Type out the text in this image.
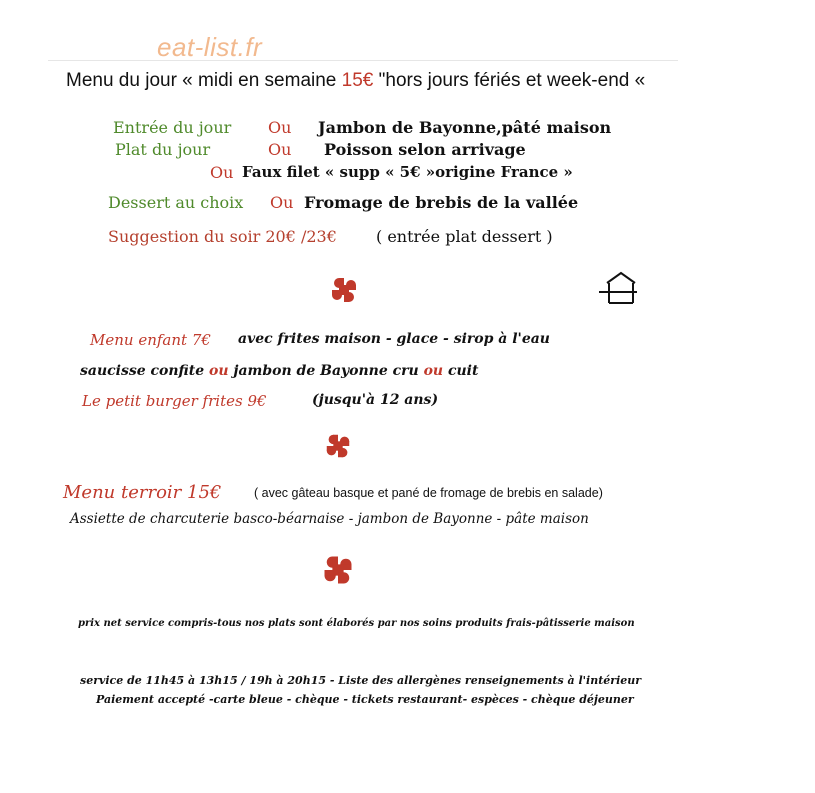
eat-list.fr
Menu du jour « midi en semaine 15€ "hors jours fériés et week-end «
Entrée du jour Ou Jambon de Bayonne,pâté maison
Plat du jour	Ou Poisson selon arrivage
Ou Faux filet « supp « 5€ »origine France »
Dessert au choix Ou Fromage de brebis de la vallée
Suggestion du soir 20€ /23€ ( entrée plat dessert )
Menu enfant 7€ avec frites maison - glace - sirop à l'eau
saucisse confite ou jambon de Bayonne cru ou cuit
Le petit burger frites 9€	(jusqu'à 12 ans)
Menu terroir 15€	( avec gâteau basque et pané de fromage de brebis en salade)
Assiette de charcuterie basco-béarnaise - jambon de Bayonne - pâte maison
prix net service compris-tous nos plats sont élaborés par nos soins produits frais-pâtisserie maison
service de 11h45 à 13h15 / 19h à 20h15 - Liste des allergènes renseignements à l'intérieur
Paiement accepté -carte bleue - chèque - tickets restaurant- espèces - chèque déjeuner
